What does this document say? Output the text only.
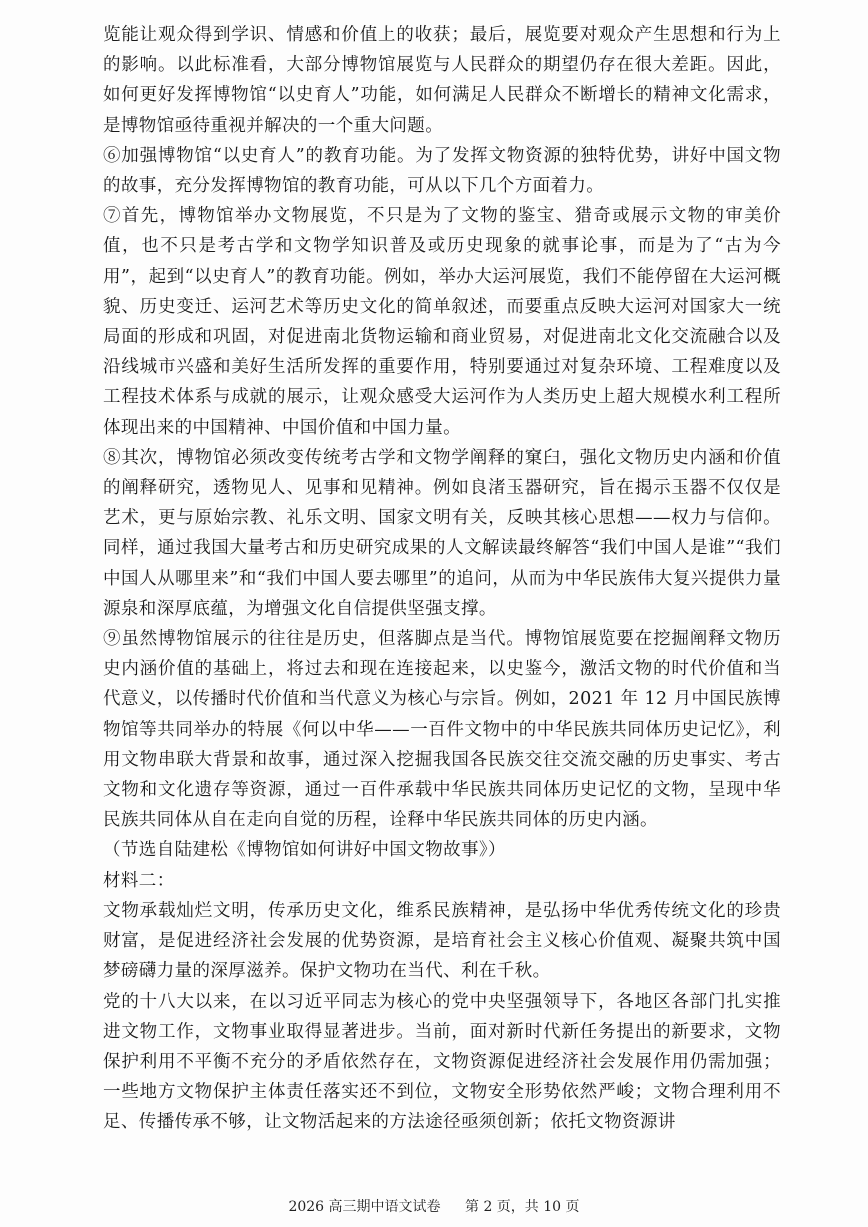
览能让观众得到学识、情感和价值上的收获；最后，展览要对观众产生思想和行为上的影响。以此标准看，大部分博物馆展览与人民群众的期望仍存在很大差距。因此，如何更好发挥博物馆“以史育人”功能，如何满足人民群众不断增长的精神文化需求，是博物馆亟待重视并解决的一个重大问题。

⑥加强博物馆“以史育人”的教育功能。为了发挥文物资源的独特优势，讲好中国文物的故事，充分发挥博物馆的教育功能，可从以下几个方面着力。

⑦首先，博物馆举办文物展览，不只是为了文物的鉴宝、猎奇或展示文物的审美价值，也不只是考古学和文物学知识普及或历史现象的就事论事，而是为了“古为今用”，起到“以史育人”的教育功能。例如，举办大运河展览，我们不能停留在大运河概貌、历史变迁、运河艺术等历史文化的简单叙述，而要重点反映大运河对国家大一统局面的形成和巩固，对促进南北货物运输和商业贸易，对促进南北文化交流融合以及沿线城市兴盛和美好生活所发挥的重要作用，特别要通过对复杂环境、工程难度以及工程技术体系与成就的展示，让观众感受大运河作为人类历史上超大规模水利工程所体现出来的中国精神、中国价值和中国力量。

⑧其次，博物馆必须改变传统考古学和文物学阐释的窠臼，强化文物历史内涵和价值的阐释研究，透物见人、见事和见精神。例如良渚玉器研究，旨在揭示玉器不仅仅是艺术，更与原始宗教、礼乐文明、国家文明有关，反映其核心思想——权力与信仰。同样，通过我国大量考古和历史研究成果的人文解读最终解答“我们中国人是谁”“我们中国人从哪里来”和“我们中国人要去哪里”的追问，从而为中华民族伟大复兴提供力量源泉和深厚底蕴，为增强文化自信提供坚强支撑。

⑨虽然博物馆展示的往往是历史，但落脚点是当代。博物馆展览要在挖掘阐释文物历史内涵价值的基础上，将过去和现在连接起来，以史鉴今，激活文物的时代价值和当代意义，以传播时代价值和当代意义为核心与宗旨。例如，2021 年 12 月中国民族博物馆等共同举办的特展《何以中华——一百件文物中的中华民族共同体历史记忆》，利用文物串联大背景和故事，通过深入挖掘我国各民族交往交流交融的历史事实、考古文物和文化遗存等资源，通过一百件承载中华民族共同体历史记忆的文物，呈现中华民族共同体从自在走向自觉的历程，诠释中华民族共同体的历史内涵。

（节选自陆建松《博物馆如何讲好中国文物故事》）

材料二：

文物承载灿烂文明，传承历史文化，维系民族精神，是弘扬中华优秀传统文化的珍贵财富，是促进经济社会发展的优势资源，是培育社会主义核心价值观、凝聚共筑中国梦磅礴力量的深厚滋养。保护文物功在当代、利在千秋。

党的十八大以来，在以习近平同志为核心的党中央坚强领导下，各地区各部门扎实推进文物工作，文物事业取得显著进步。当前，面对新时代新任务提出的新要求，文物保护利用不平衡不充分的矛盾依然存在，文物资源促进经济社会发展作用仍需加强；一些地方文物保护主体责任落实还不到位，文物安全形势依然严峻；文物合理利用不足、传播传承不够，让文物活起来的方法途径亟须创新；依托文物资源讲

2026 高三期中语文试卷 第 2 页，共 10 页
